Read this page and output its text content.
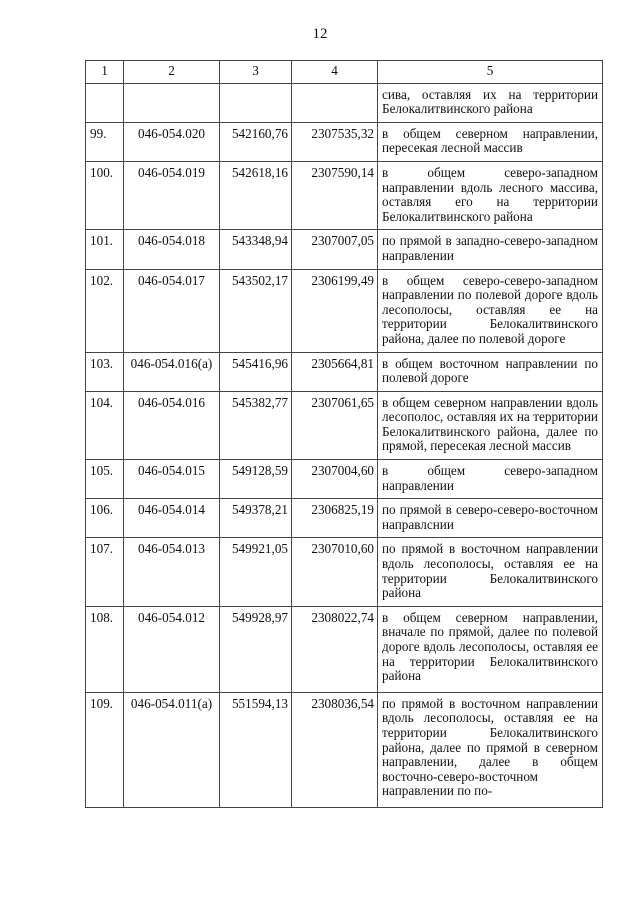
12
1	2	3	4	5
				сива, оставляя их на территории Белокалитвинского района
99.	046-054.020	542160,76	2307535,32	в общем северном направлении, пересекая лесной массив
100.	046-054.019	542618,16	2307590,14	в общем северо-западном направлении вдоль лесного массива, оставляя его на территории Белокалитвинского района
101.	046-054.018	543348,94	2307007,05	по прямой в западно-северо-западном направлении
102.	046-054.017	543502,17	2306199,49	в общем северо-северо-западном направлении по полевой дороге вдоль лесополосы, оставляя ее на территории Белокалитвинского района, далее по полевой дороге
103.	046-054.016(а)	545416,96	2305664,81	в общем восточном направлении по полевой дороге
104.	046-054.016	545382,77	2307061,65	в общем северном направлении вдоль лесополос, оставляя их на территории Белокалитвинского района, далее по прямой, пересекая лесной массив
105.	046-054.015	549128,59	2307004,60	в общем северо-западном направлении
106.	046-054.014	549378,21	2306825,19	по прямой в северо-северо-восточном направлснии
107.	046-054.013	549921,05	2307010,60	по прямой в восточном направлении вдоль лесополосы, оставляя ее на территории Белокалитвинского района
108.	046-054.012	549928,97	2308022,74	в общем северном направлении, вначале по прямой, далее по полевой дороге вдоль лесополосы, оставляя ее на территории Белокалитвинского района
109.	046-054.011(а)	551594,13	2308036,54	по прямой в восточном направлении вдоль лесополосы, оставляя ее на территории Белокалитвинского района, далее по прямой в северном направлении, далее в общем восточно-северо-восточном направлении по по-
